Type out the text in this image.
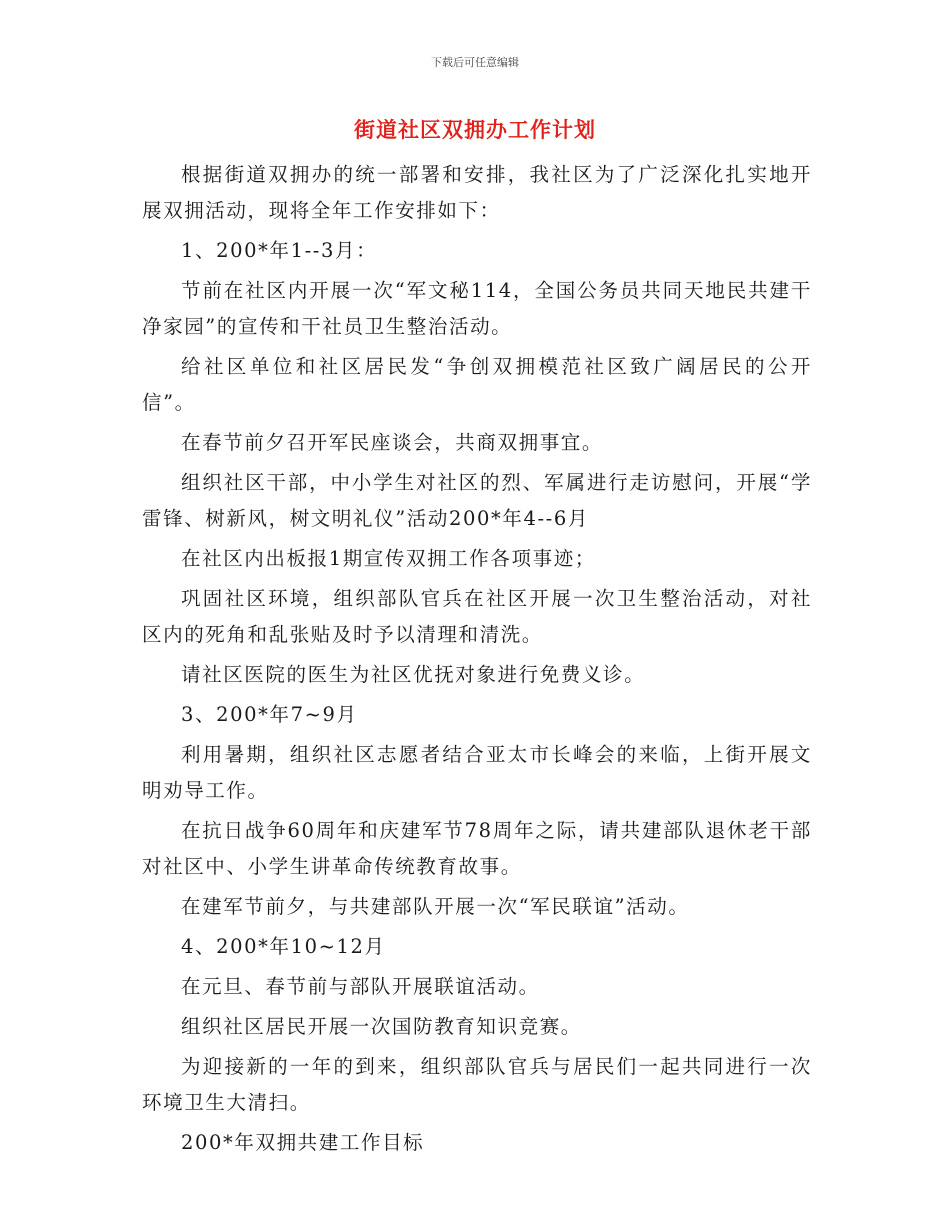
下载后可任意编辑
街道社区双拥办工作计划

根据街道双拥办的统一部署和安排，我社区为了广泛深化扎实地开展双拥活动，现将全年工作安排如下：

1、200*年1--3月：

节前在社区内开展一次“军文秘114，全国公务员共同天地民共建干净家园”的宣传和干社员卫生整治活动。

给社区单位和社区居民发“争创双拥模范社区致广阔居民的公开信”。

在春节前夕召开军民座谈会，共商双拥事宜。

组织社区干部，中小学生对社区的烈、军属进行走访慰问，开展“学雷锋、树新风，树文明礼仪”活动200*年4--6月

在社区内出板报1期宣传双拥工作各项事迹；

巩固社区环境，组织部队官兵在社区开展一次卫生整治活动，对社区内的死角和乱张贴及时予以清理和清洗。

请社区医院的医生为社区优抚对象进行免费义诊。

3、200*年7~9月

利用暑期，组织社区志愿者结合亚太市长峰会的来临，上街开展文明劝导工作。

在抗日战争60周年和庆建军节78周年之际，请共建部队退休老干部对社区中、小学生讲革命传统教育故事。

在建军节前夕，与共建部队开展一次“军民联谊”活动。

4、200*年10~12月

在元旦、春节前与部队开展联谊活动。

组织社区居民开展一次国防教育知识竞赛。

为迎接新的一年的到来，组织部队官兵与居民们一起共同进行一次环境卫生大清扫。

200*年双拥共建工作目标
